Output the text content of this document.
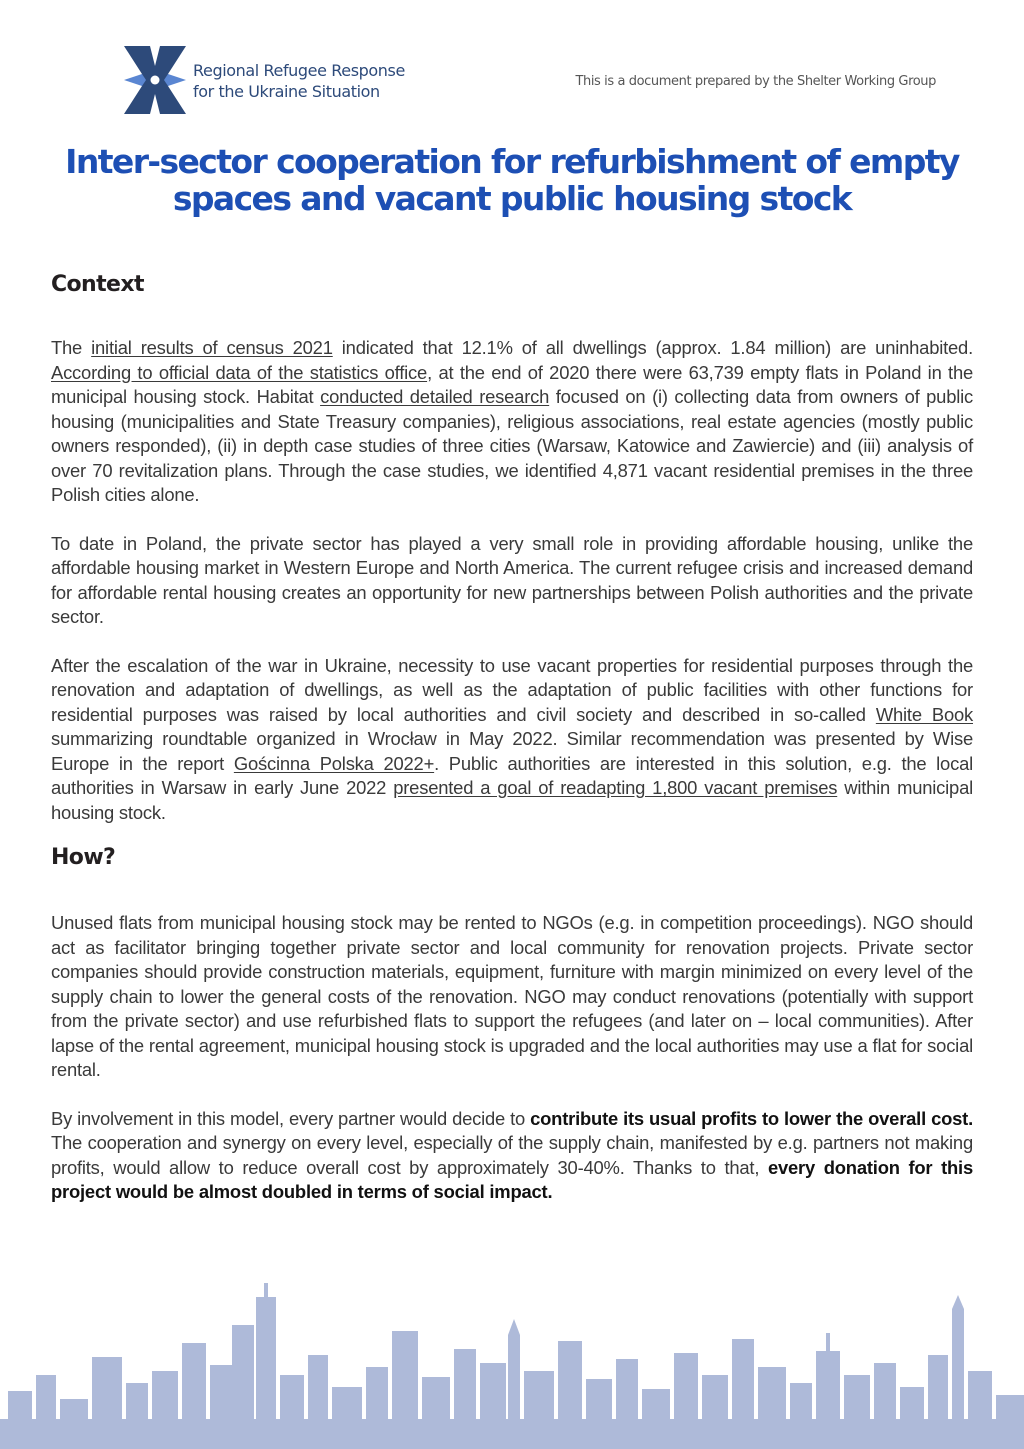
Regional Refugee Response
for the Ukraine Situation
This is a document prepared by the Shelter Working Group
Inter-sector cooperation for refurbishment of empty
spaces and vacant public housing stock
Context

The initial results of census 2021 indicated that 12.1% of all dwellings (approx. 1.84 million) are uninhabited. According to official data of the statistics office, at the end of 2020 there were 63,739 empty flats in Poland in the municipal housing stock. Habitat conducted detailed research focused on (i) collecting data from owners of public housing (municipalities and State Treasury companies), religious associations, real estate agencies (mostly public owners responded), (ii) in depth case studies of three cities (Warsaw, Katowice and Zawiercie) and (iii) analysis of over 70 revitalization plans. Through the case studies, we identified 4,871 vacant residential premises in the three Polish cities alone.

To date in Poland, the private sector has played a very small role in providing affordable housing, unlike the affordable housing market in Western Europe and North America. The current refugee crisis and increased demand for affordable rental housing creates an opportunity for new partnerships between Polish authorities and the private sector.

After the escalation of the war in Ukraine, necessity to use vacant properties for residential purposes through the renovation and adaptation of dwellings, as well as the adaptation of public facilities with other functions for residential purposes was raised by local authorities and civil society and described in so-called White Book summarizing roundtable organized in Wrocław in May 2022. Similar recommendation was presented by Wise Europe in the report Gościnna Polska 2022+. Public authorities are interested in this solution, e.g. the local authorities in Warsaw in early June 2022 presented a goal of readapting 1,800 vacant premises within municipal housing stock.

How?

Unused flats from municipal housing stock may be rented to NGOs (e.g. in competition proceedings). NGO should act as facilitator bringing together private sector and local community for renovation projects. Private sector companies should provide construction materials, equipment, furniture with margin minimized on every level of the supply chain to lower the general costs of the renovation. NGO may conduct renovations (potentially with support from the private sector) and use refurbished flats to support the refugees (and later on – local communities). After lapse of the rental agreement, municipal housing stock is upgraded and the local authorities may use a flat for social rental.

By involvement in this model, every partner would decide to contribute its usual profits to lower the overall cost. The cooperation and synergy on every level, especially of the supply chain, manifested by e.g. partners not making profits, would allow to reduce overall cost by approximately 30-40%. Thanks to that, every donation for this project would be almost doubled in terms of social impact.
